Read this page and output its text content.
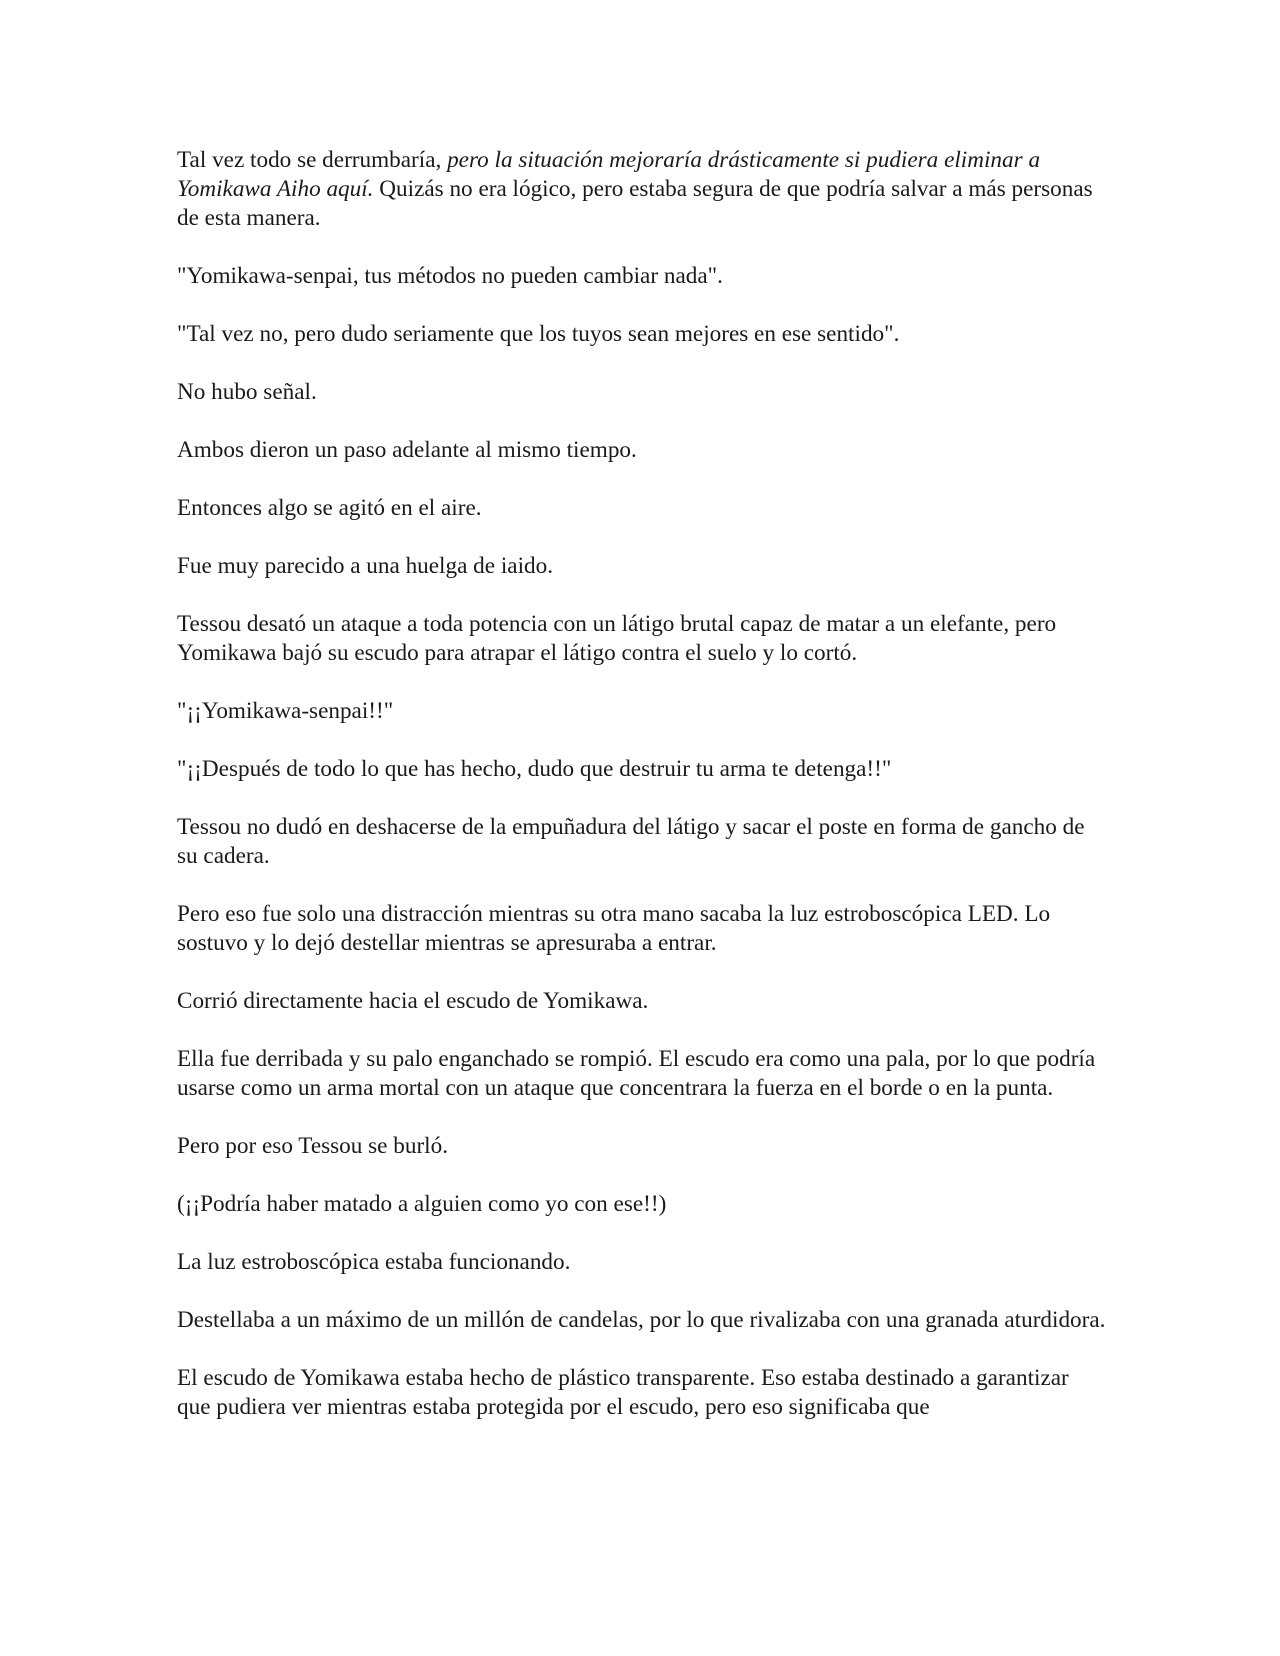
Tal vez todo se derrumbaría, pero la situación mejoraría drásticamente si pudiera eliminar a Yomikawa Aiho aquí. Quizás no era lógico, pero estaba segura de que podría salvar a más personas de esta manera.

"Yomikawa-senpai, tus métodos no pueden cambiar nada".

"Tal vez no, pero dudo seriamente que los tuyos sean mejores en ese sentido".

No hubo señal.

Ambos dieron un paso adelante al mismo tiempo.

Entonces algo se agitó en el aire.

Fue muy parecido a una huelga de iaido.

Tessou desató un ataque a toda potencia con un látigo brutal capaz de matar a un elefante, pero Yomikawa bajó su escudo para atrapar el látigo contra el suelo y lo cortó.

"¡¡Yomikawa-senpai!!"

"¡¡Después de todo lo que has hecho, dudo que destruir tu arma te detenga!!"

Tessou no dudó en deshacerse de la empuñadura del látigo y sacar el poste en forma de gancho de su cadera.

Pero eso fue solo una distracción mientras su otra mano sacaba la luz estroboscópica LED. Lo sostuvo y lo dejó destellar mientras se apresuraba a entrar.

Corrió directamente hacia el escudo de Yomikawa.

Ella fue derribada y su palo enganchado se rompió. El escudo era como una pala, por lo que podría usarse como un arma mortal con un ataque que concentrara la fuerza en el borde o en la punta.

Pero por eso Tessou se burló.

(¡¡Podría haber matado a alguien como yo con ese!!)

La luz estroboscópica estaba funcionando.

Destellaba a un máximo de un millón de candelas, por lo que rivalizaba con una granada aturdidora.

El escudo de Yomikawa estaba hecho de plástico transparente. Eso estaba destinado a garantizar que pudiera ver mientras estaba protegida por el escudo, pero eso significaba que
